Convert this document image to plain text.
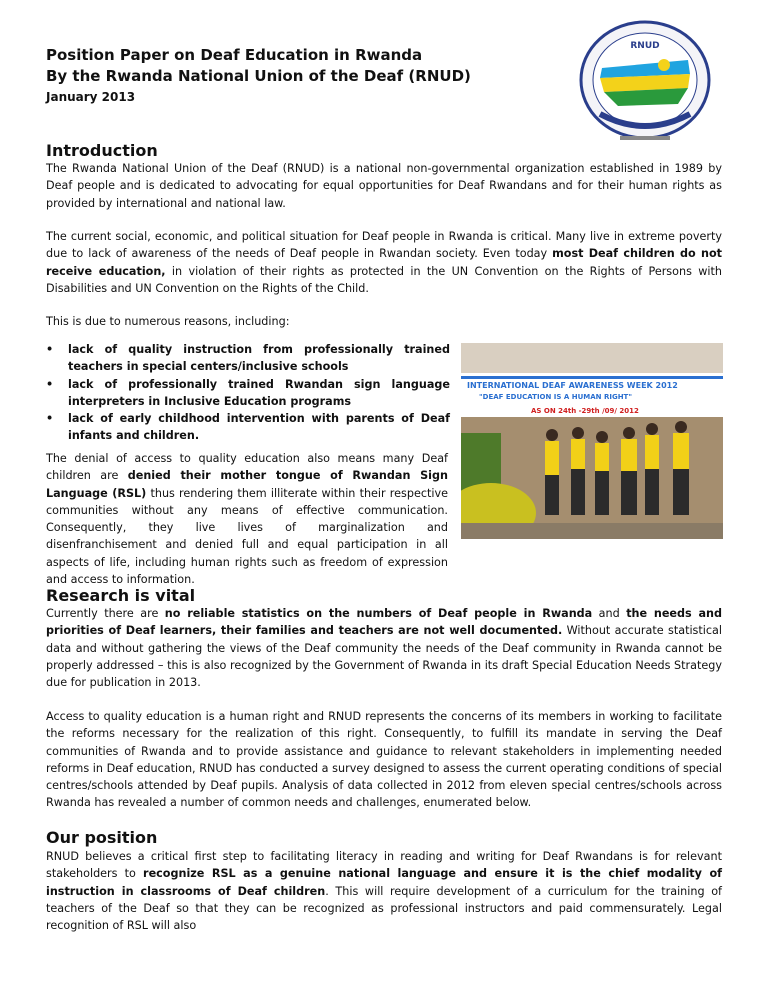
Position Paper on Deaf Education in Rwanda
By the Rwanda National Union of the Deaf (RNUD)
January 2013
RNUD
Introduction

The Rwanda National Union of the Deaf (RNUD) is a national non-governmental organization established in 1989 by Deaf people and is dedicated to advocating for equal opportunities for Deaf Rwandans and for their human rights as provided by international and national law.

The current social, economic, and political situation for Deaf people in Rwanda is critical. Many live in extreme poverty due to lack of awareness of the needs of Deaf people in Rwandan society. Even today most Deaf children do not receive education, in violation of their rights as protected in the UN Convention on the Rights of Persons with Disabilities and UN Convention on the Rights of the Child.

This is due to numerous reasons, including:

• lack of quality instruction from professionally trained teachers in special centers/inclusive schools
• lack of professionally trained Rwandan sign language interpreters in Inclusive Education programs
• lack of early childhood intervention with parents of Deaf infants and children.

The denial of access to quality education also means many Deaf children are denied their mother tongue of Rwandan Sign Language (RSL) thus rendering them illiterate within their respective communities without any means of effective communication. Consequently, they live lives of marginalization and disenfranchisement and denied full and equal participation in all aspects of life, including human rights such as freedom of expression and access to information.

INTERNATIONAL DEAF AWARENESS WEEK 2012
"DEAF EDUCATION IS A HUMAN RIGHT"
AS ON 24th -29th /09/ 2012
Research is vital

Currently there are no reliable statistics on the numbers of Deaf people in Rwanda and the needs and priorities of Deaf learners, their families and teachers are not well documented. Without accurate statistical data and without gathering the views of the Deaf community the needs of the Deaf community in Rwanda cannot be properly addressed – this is also recognized by the Government of Rwanda in its draft Special Education Needs Strategy due for publication in 2013.

Access to quality education is a human right and RNUD represents the concerns of its members in working to facilitate the reforms necessary for the realization of this right. Consequently, to fulfill its mandate in serving the Deaf communities of Rwanda and to provide assistance and guidance to relevant stakeholders in implementing needed reforms in Deaf education, RNUD has conducted a survey designed to assess the current operating conditions of special centres/schools attended by Deaf pupils. Analysis of data collected in 2012 from eleven special centres/schools across Rwanda has revealed a number of common needs and challenges, enumerated below.

Our position

RNUD believes a critical first step to facilitating literacy in reading and writing for Deaf Rwandans is for relevant stakeholders to recognize RSL as a genuine national language and ensure it is the chief modality of instruction in classrooms of Deaf children. This will require development of a curriculum for the training of teachers of the Deaf so that they can be recognized as professional instructors and paid commensurately. Legal recognition of RSL will also
